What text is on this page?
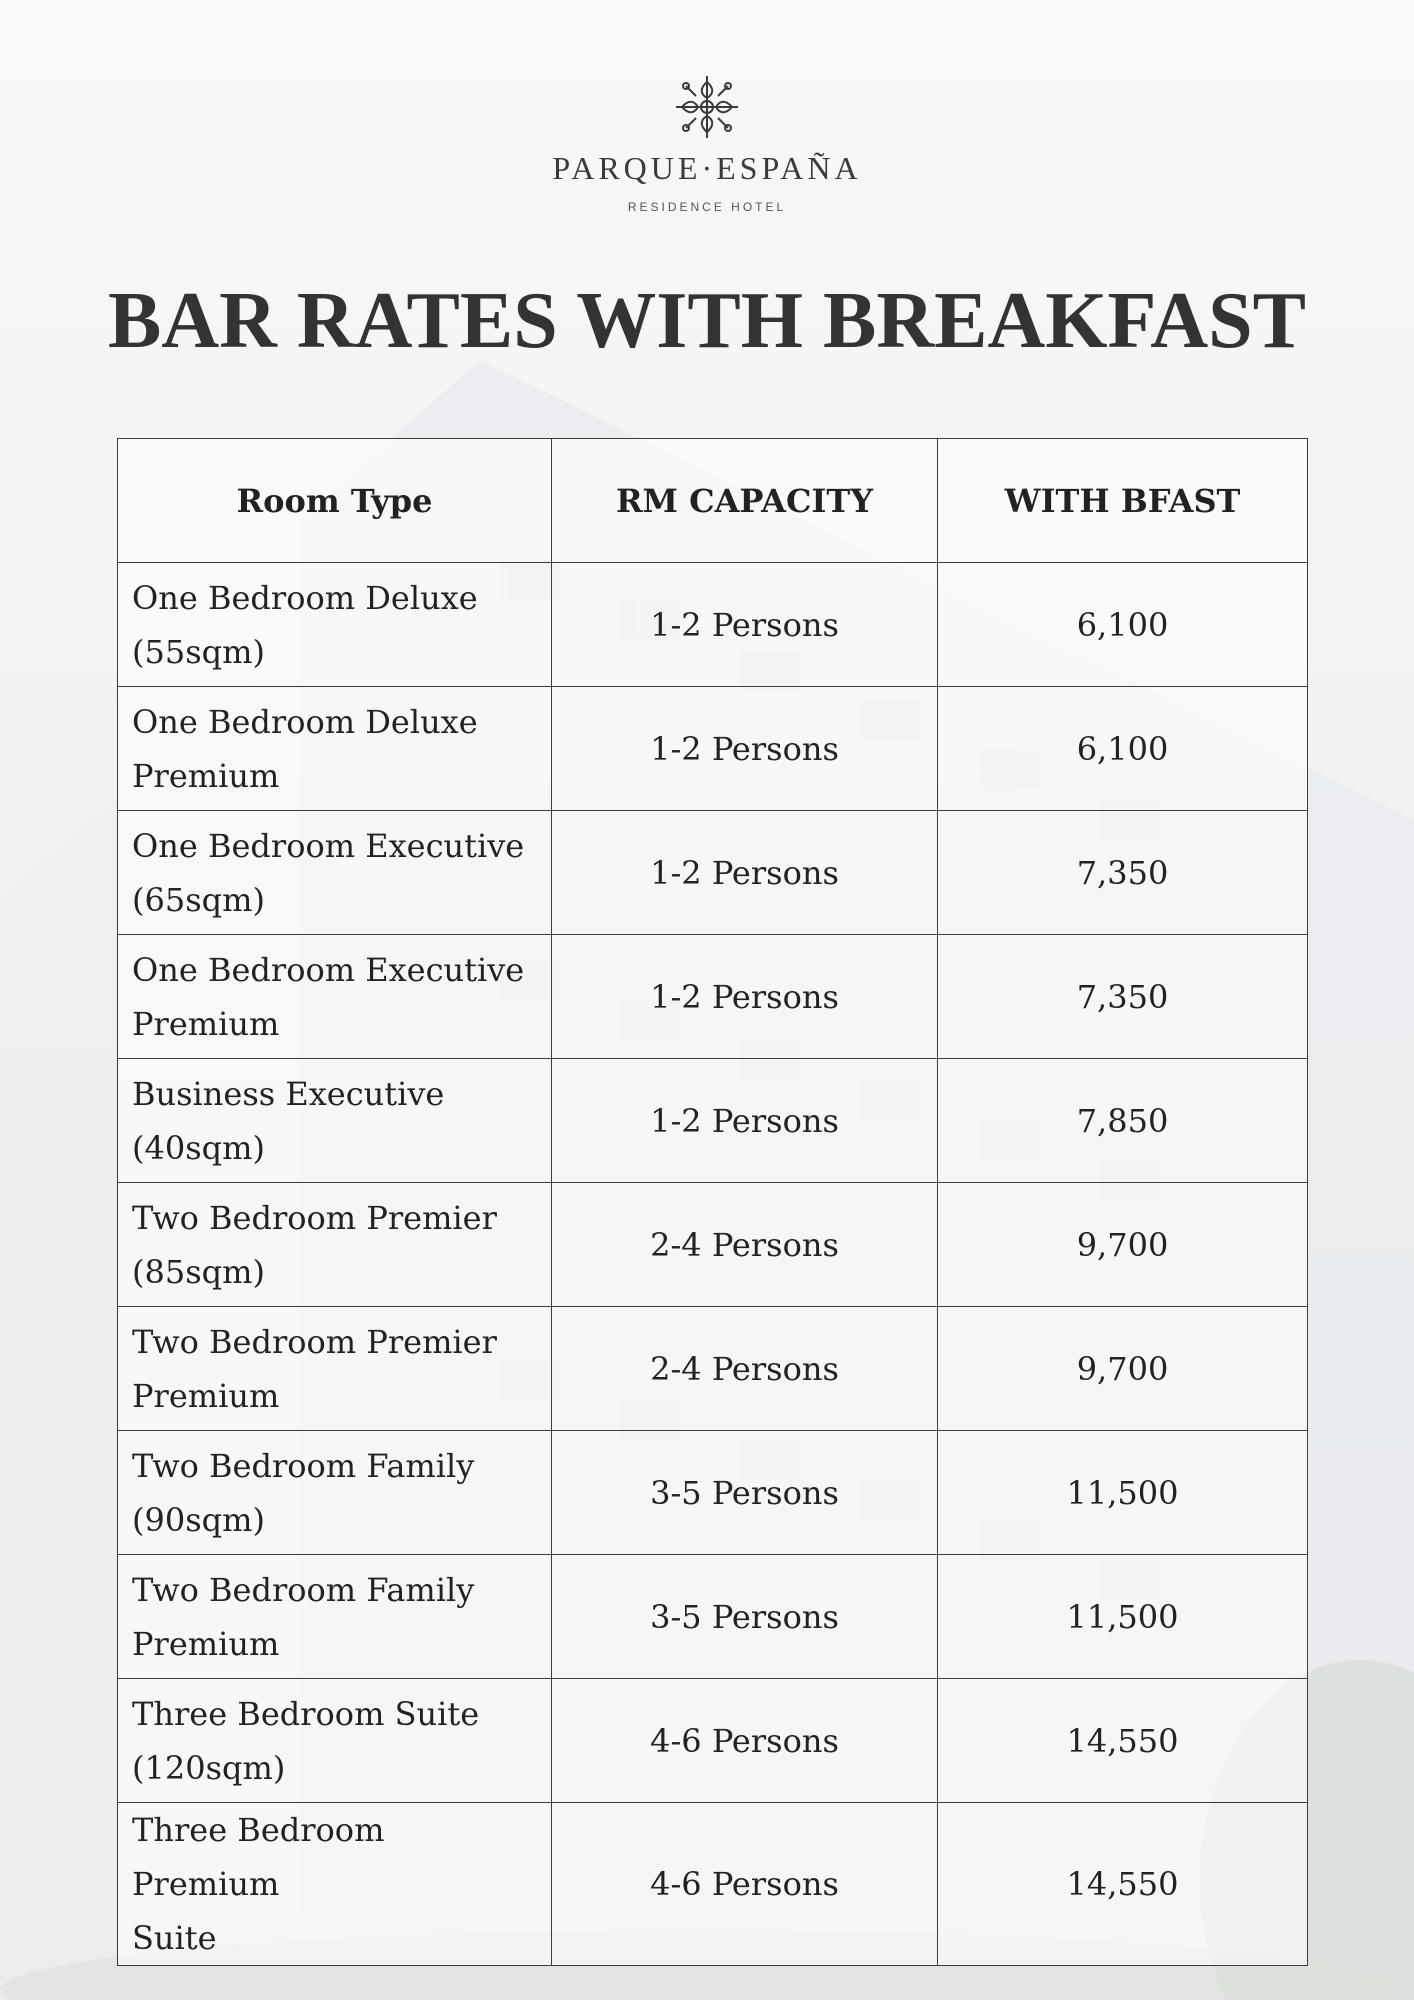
PARQUE·ESPAÑA
RESIDENCE HOTEL
BAR RATES WITH BREAKFAST
Room Type	RM CAPACITY	WITH BFAST

One Bedroom Deluxe
(55sqm)	1-2 Persons	6,100

One Bedroom Deluxe
Premium	1-2 Persons	6,100

One Bedroom Executive
(65sqm)	1-2 Persons	7,350

One Bedroom Executive
Premium	1-2 Persons	7,350

Business Executive
(40sqm)	1-2 Persons	7,850

Two Bedroom Premier
(85sqm)	2-4 Persons	9,700

Two Bedroom Premier
Premium	2-4 Persons	9,700

Two Bedroom Family
(90sqm)	3-5 Persons	11,500

Two Bedroom Family
Premium	3-5 Persons	11,500

Three Bedroom Suite
(120sqm)	4-6 Persons	14,550

Three Bedroom Premium
Suite	4-6 Persons	14,550
